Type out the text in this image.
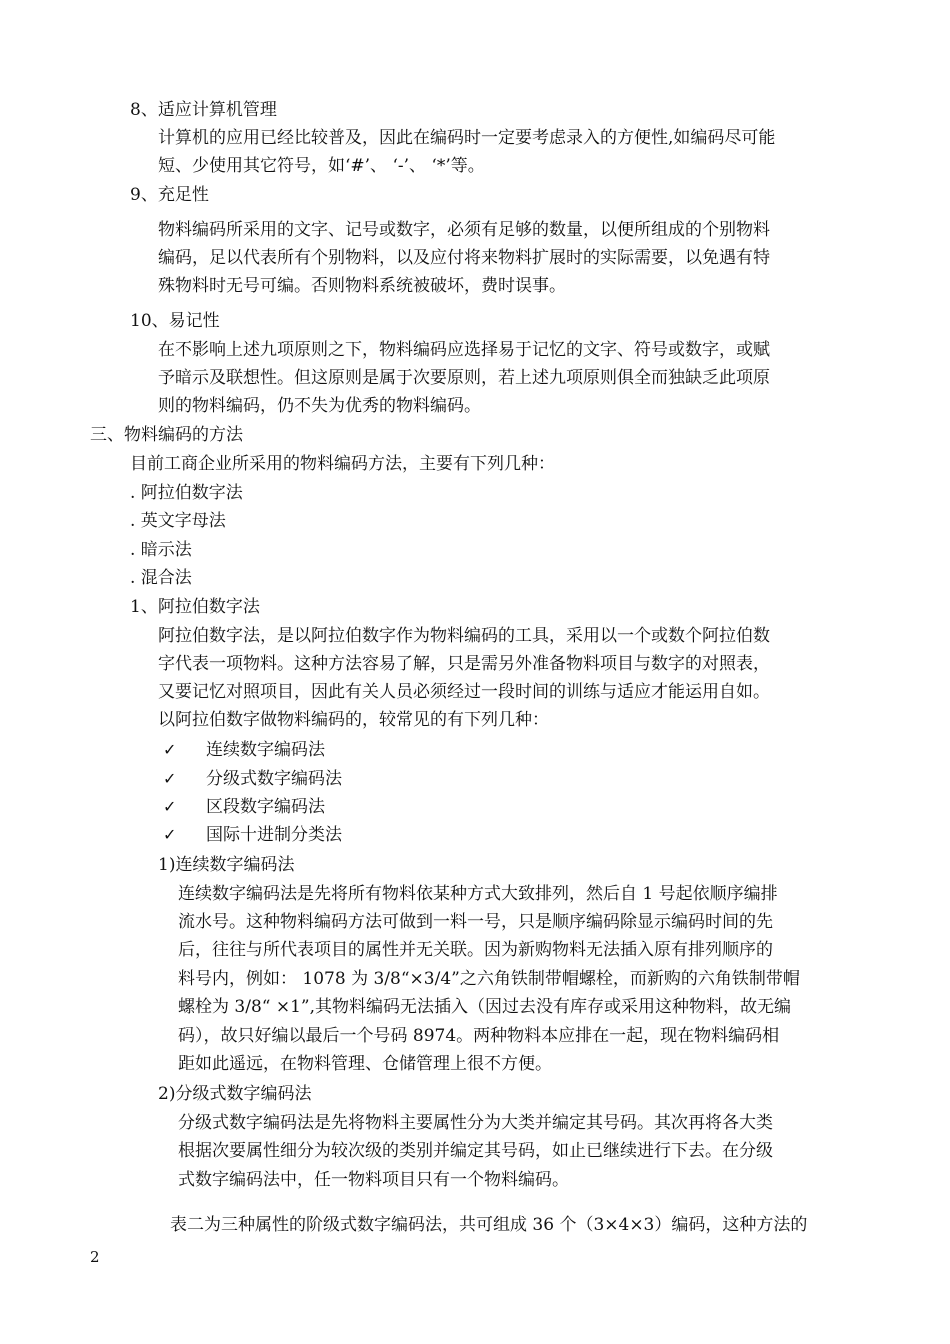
8、适应计算机管理
计算机的应用已经比较普及，因此在编码时一定要考虑录入的方便性,如编码尽可能
短、少使用其它符号，如‘#’、 ‘-’、 ‘*’等。
9、充足性
物料编码所采用的文字、记号或数字，必须有足够的数量，以便所组成的个别物料
编码，足以代表所有个别物料，以及应付将来物料扩展时的实际需要，以免遇有特
殊物料时无号可编。否则物料系统被破坏，费时误事。
10、易记性
在不影响上述九项原则之下，物料编码应选择易于记忆的文字、符号或数字，或赋
予暗示及联想性。但这原则是属于次要原则，若上述九项原则俱全而独缺乏此项原
则的物料编码，仍不失为优秀的物料编码。
三、物料编码的方法
目前工商企业所采用的物料编码方法，主要有下列几种：
. 阿拉伯数字法
. 英文字母法
. 暗示法
. 混合法
1、阿拉伯数字法
阿拉伯数字法，是以阿拉伯数字作为物料编码的工具，采用以一个或数个阿拉伯数
字代表一项物料。这种方法容易了解，只是需另外准备物料项目与数字的对照表，
又要记忆对照项目，因此有关人员必须经过一段时间的训练与适应才能运用自如。
以阿拉伯数字做物料编码的，较常见的有下列几种：
✓ 连续数字编码法
✓ 分级式数字编码法
✓ 区段数字编码法
✓ 国际十进制分类法
1)连续数字编码法
连续数字编码法是先将所有物料依某种方式大致排列，然后自 1 号起依顺序编排
流水号。这种物料编码方法可做到一料一号，只是顺序编码除显示编码时间的先
后，往往与所代表项目的属性并无关联。因为新购物料无法插入原有排列顺序的
料号内，例如： 1078 为 3/8“×3/4”之六角铁制带帽螺栓，而新购的六角铁制带帽
螺栓为 3/8“ ×1”,其物料编码无法插入（因过去没有库存或采用这种物料，故无编
码），故只好编以最后一个号码 8974。两种物料本应排在一起，现在物料编码相
距如此遥远，在物料管理、仓储管理上很不方便。
2)分级式数字编码法
分级式数字编码法是先将物料主要属性分为大类并编定其号码。其次再将各大类
根据次要属性细分为较次级的类别并编定其号码，如止已继续进行下去。在分级
式数字编码法中，任一物料项目只有一个物料编码。
表二为三种属性的阶级式数字编码法，共可组成 36 个（3×4×3）编码，这种方法的
2
